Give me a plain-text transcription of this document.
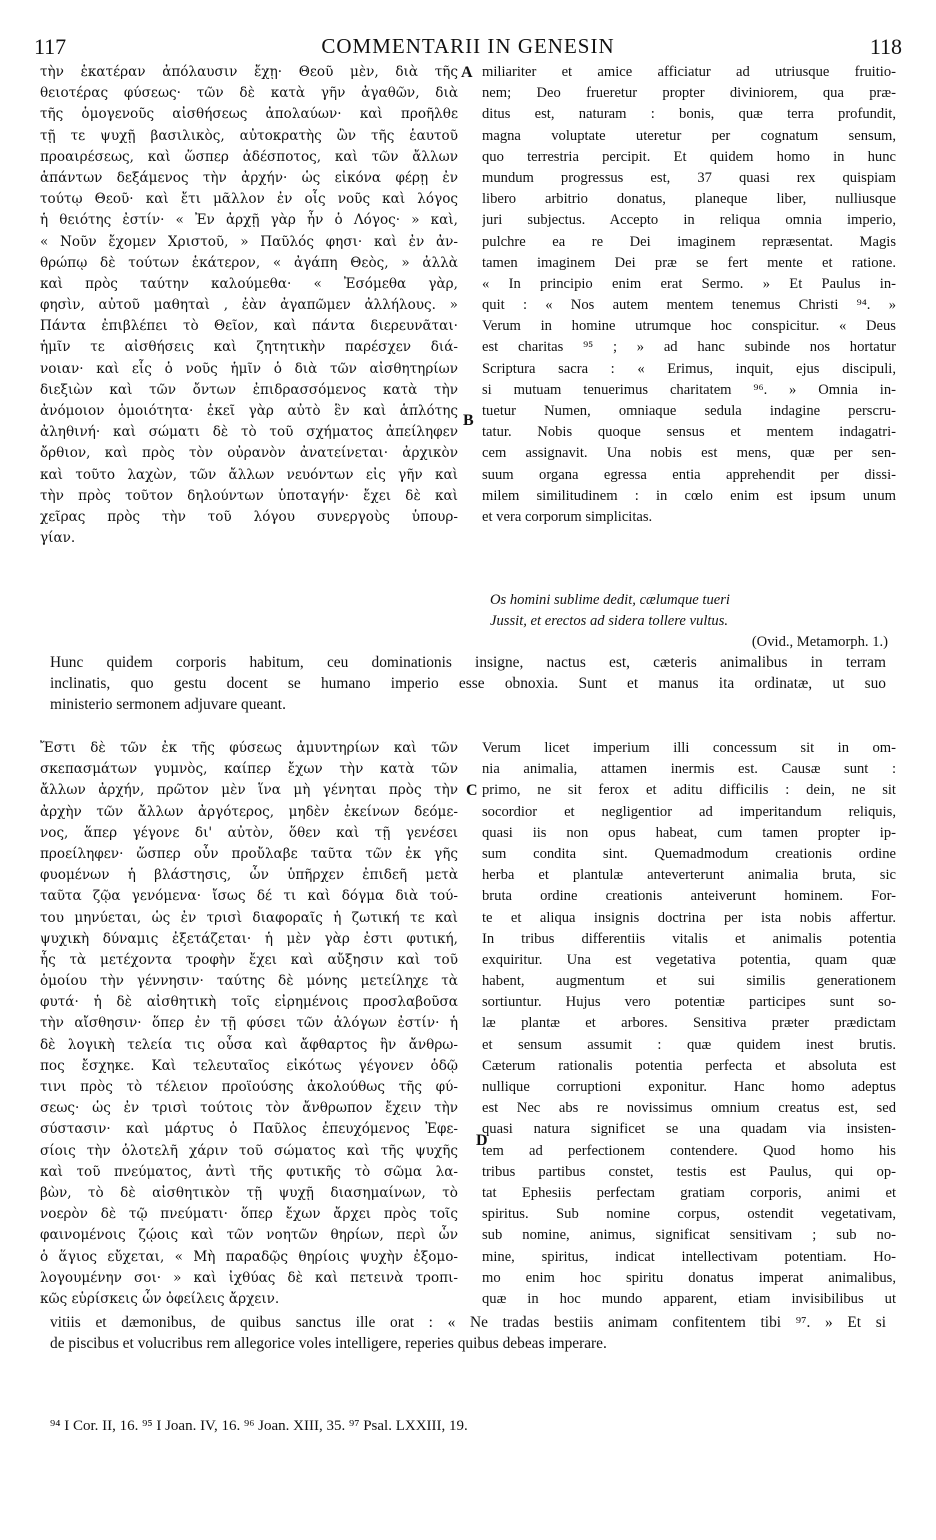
117	COMMENTARII IN GENESIN	118
τὴν ἑκατέραν ἀπόλαυσιν ἔχῃ· Θεοῦ μὲν, διὰ τῆς
θειοτέρας φύσεως· τῶν δὲ κατὰ γῆν ἀγαθῶν, διὰ
τῆς ὁμογενοῦς αἰσθήσεως ἀπολαύων· καὶ προῆλθε
τῇ τε ψυχῇ βασιλικὸς, αὐτοκρατὴς ὢν τῆς ἑαυτοῦ
προαιρέσεως, καὶ ὥσπερ ἀδέσποτος, καὶ τῶν ἄλλων
ἁπάντων δεξάμενος τὴν ἀρχήν· ὡς εἰκόνα φέρῃ ἐν
τούτῳ Θεοῦ· καὶ ἔτι μᾶλλον ἐν οἷς νοῦς καὶ λόγος
ἡ θειότης ἐστίν· « Ἐν ἀρχῇ γὰρ ἦν ὁ Λόγος· » καὶ,
« Νοῦν ἔχομεν Χριστοῦ, » Παῦλός φησι· καὶ ἐν ἀν-
θρώπῳ δὲ τούτων ἑκάτερον, « ἀγάπη Θεὸς, » ἀλλὰ
καὶ πρὸς ταύτην καλούμεθα· « Ἐσόμεθα γὰρ,
φησὶν, αὐτοῦ μαθηταὶ , ἐὰν ἀγαπῶμεν ἀλλήλους. »
Πάντα ἐπιβλέπει τὸ Θεῖον, καὶ πάντα διερευνᾶται·
ἡμῖν τε αἰσθήσεις καὶ ζητητικὴν παρέσχεν διά-
νοιαν· καὶ εἷς ὁ νοῦς ἡμῖν ὁ διὰ τῶν αἰσθητηρίων
διεξιὼν καὶ τῶν ὄντων ἐπιδρασσόμενος κατὰ τὴν
ἀνόμοιον ὁμοιότητα· ἐκεῖ γὰρ αὐτὸ ἓν καὶ ἁπλότης
ἀληθινή· καὶ σώματι δὲ τὸ τοῦ σχήματος ἀπείληφεν
ὄρθιον, καὶ πρὸς τὸν οὐρανὸν ἀνατείνεται· ἀρχικὸν
καὶ τοῦτο λαχὼν, τῶν ἄλλων νευόντων εἰς γῆν καὶ
τὴν πρὸς τοῦτον δηλούντων ὑποταγήν· ἔχει δὲ καὶ
χεῖρας πρὸς τὴν τοῦ λόγου συνεργοὺς ὑπουρ-
γίαν.
miliariter et amice afficiatur ad utriusque fruitio-
nem; Deo frueretur propter diviniorem, qua præ-
ditus est, naturam : bonis, quæ terra profundit,
magna voluptate uteretur per cognatum sensum,
quo terrestria percipit. Et quidem homo in hunc
mundum progressus est, 37 quasi rex quispiam
libero arbitrio donatus, planeque liber, nulliusque
juri subjectus. Accepto in reliqua omnia imperio,
pulchre ea re Dei imaginem repræsentat. Magis
tamen imaginem Dei præ se fert mente et ratione.
« In principio enim erat Sermo. » Et Paulus in-
quit : « Nos autem mentem tenemus Christi ⁹⁴. »
Verum in homine utrumque hoc conspicitur. « Deus
est charitas ⁹⁵ ; » ad hanc subinde nos hortatur
Scriptura sacra : « Erimus, inquit, ejus discipuli,
si mutuam tenuerimus charitatem ⁹⁶. » Omnia in-
tuetur Numen, omniaque sedula indagine perscru-
tatur. Nobis quoque sensus et mentem indagatri-
cem assignavit. Una nobis est mens, quæ per sen-
suum organa egressa entia apprehendit per dissi-
milem similitudinem : in cœlo enim est ipsum unum
et vera corporum simplicitas.
Os homini sublime dedit, cælumque tueri
Jussit, et erectos ad sidera tollere vultus.
(Ovid., Metamorph. 1.)
A
B
Hunc quidem corporis habitum, ceu dominationis insigne, nactus est, cæteris animalibus in terram
inclinatis, quo gestu docent se humano imperio esse obnoxia. Sunt et manus ita ordinatæ, ut suo
ministerio sermonem adjuvare queant.
Ἔστι δὲ τῶν ἐκ τῆς φύσεως ἀμυντηρίων καὶ τῶν
σκεπασμάτων γυμνὸς, καίπερ ἔχων τὴν κατὰ τῶν
ἄλλων ἀρχήν, πρῶτον μὲν ἵνα μὴ γένηται πρὸς τὴν
ἀρχὴν τῶν ἄλλων ἀργότερος, μηδὲν ἐκείνων δεόμε-
νος, ἅπερ γέγονε δι' αὐτὸν, ὅθεν καὶ τῇ γενέσει
προείληφεν· ὥσπερ οὖν προὔλαβε ταῦτα τῶν ἐκ γῆς
φυομένων ἡ βλάστησις, ὧν ὑπῆρχεν ἐπιδεῆ μετὰ
ταῦτα ζῷα γενόμενα· ἴσως δέ τι καὶ δόγμα διὰ τού-
του μηνύεται, ὡς ἐν τρισὶ διαφοραῖς ἡ ζωτική τε καὶ
ψυχικὴ δύναμις ἐξετάζεται· ἡ μὲν γὰρ ἐστι φυτική,
ἧς τὰ μετέχοντα τροφὴν ἔχει καὶ αὔξησιν καὶ τοῦ
ὁμοίου τὴν γέννησιν· ταύτης δὲ μόνης μετείληχε τὰ
φυτά· ἡ δὲ αἰσθητικὴ τοῖς εἰρημένοις προσλαβοῦσα
τὴν αἴσθησιν· ὅπερ ἐν τῇ φύσει τῶν ἀλόγων ἐστίν· ἡ
δὲ λογικὴ τελεία τις οὖσα καὶ ἄφθαρτος ἣν ἄνθρω-
πος ἔσχηκε. Καὶ τελευταῖος εἰκότως γέγονεν ὁδῷ
τινι πρὸς τὸ τέλειον προϊούσης ἀκολούθως τῆς φύ-
σεως· ὡς ἐν τρισὶ τούτοις τὸν ἄνθρωπον ἔχειν τὴν
σύστασιν· καὶ μάρτυς ὁ Παῦλος ἐπευχόμενος Ἐφε-
σίοις τὴν ὁλοτελῆ χάριν τοῦ σώματος καὶ τῆς ψυχῆς
καὶ τοῦ πνεύματος, ἀντὶ τῆς φυτικῆς τὸ σῶμα λα-
βὼν, τὸ δὲ αἰσθητικὸν τῇ ψυχῇ διασημαίνων, τὸ
νοερὸν δὲ τῷ πνεύματι· ὅπερ ἔχων ἄρχει πρὸς τοῖς
φαινομένοις ζῴοις καὶ τῶν νοητῶν θηρίων, περὶ ὧν
ὁ ἅγιος εὔχεται, « Μὴ παραδῷς θηρίοις ψυχὴν ἐξομο-
λογουμένην σοι· » καὶ ἰχθύας δὲ καὶ πετεινὰ τροπι-
κῶς εὑρίσκεις ὧν ὀφείλεις ἄρχειν.
Verum licet imperium illi concessum sit in om-
nia animalia, attamen inermis est. Causæ sunt :
primo, ne sit ferox et aditu difficilis : dein, ne sit
socordior et negligentior ad imperitandum reliquis,
quasi iis non opus habeat, cum tamen propter ip-
sum condita sint. Quemadmodum creationis ordine
herba et plantulæ anteverterunt animalia bruta, sic
bruta ordine creationis anteiverunt hominem. For-
te et aliqua insignis doctrina per ista nobis affertur.
In tribus differentiis vitalis et animalis potentia
exquiritur. Una est vegetativa potentia, quam quæ
habent, augmentum et sui similis generationem
sortiuntur. Hujus vero potentiæ participes sunt so-
læ plantæ et arbores. Sensitiva præter prædictam
et sensum assumit : quæ quidem inest brutis.
Cæterum rationalis potentia perfecta et absoluta est
nullique corruptioni exponitur. Hanc homo adeptus
est Nec abs re novissimus omnium creatus est, sed
quasi natura significet se una quadam via insisten-
tem ad perfectionem contendere. Quod homo his
tribus partibus constet, testis est Paulus, qui op-
tat Ephesiis perfectam gratiam corporis, animi et
spiritus. Sub nomine corpus, ostendit vegetativam,
sub nomine, animus, significat sensitivam ; sub no-
mine, spiritus, indicat intellectivam potentiam. Ho-
mo enim hoc spiritu donatus imperat animalibus,
quæ in hoc mundo apparent, etiam invisibilibus ut
C
D
vitiis et dæmonibus, de quibus sanctus ille orat : « Ne tradas bestiis animam confitentem tibi ⁹⁷. » Et si
de piscibus et volucribus rem allegorice voles intelligere, reperies quibus debeas imperare.
⁹⁴ I Cor. II, 16. ⁹⁵ I Joan. IV, 16. ⁹⁶ Joan. XIII, 35. ⁹⁷ Psal. LXXIII, 19.
